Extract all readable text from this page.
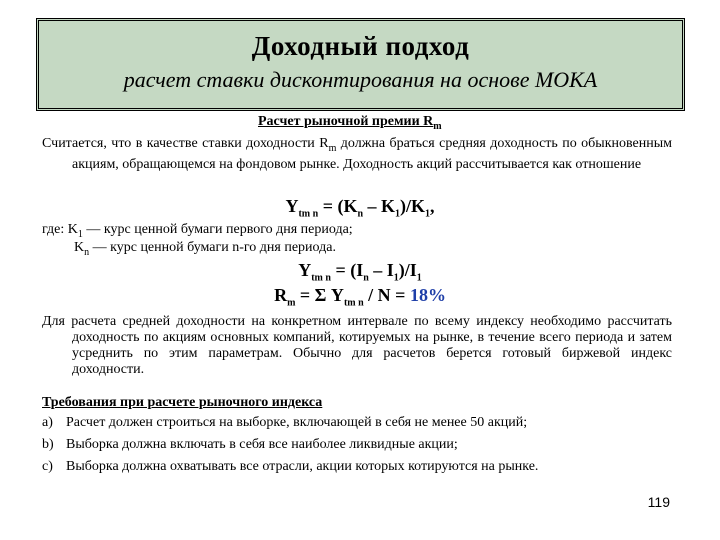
Доходный подход
расчет ставки дисконтирования на основе МОКА
Расчет рыночной премии $R_m$
Считается, что в качестве ставки доходности $R_m$ должна браться средняя доходность по обыкновенным акциям, обращающемся на фондовом рынке. Доходность акций рассчитывается как отношение
$Y_{tm n} = (K_n - K_1)/K_1$,
где: $K_1$ — курс ценной бумаги первого дня периода;
$K_n$ — курс ценной бумаги n-го дня периода.
$Y_{tm n} = (I_n - I_1)/I_1$
$R_m = \Sigma$ $Y_{tm n} / N = 18\%$
Для расчета средней доходности на конкретном интервале по всему индексу необходимо рассчитать доходность по акциям основных компаний, котируемых на рынке, в течение всего периода и затем усреднить по этим параметрам. Обычно для расчетов берется готовый биржевой индекс доходности.
Требования при расчете рыночного индекса
a) Расчет должен строиться на выборке, включающей в себя не менее 50 акций;
b) Выборка должна включать в себя все наиболее ликвидные акции;
c) Выборка должна охватывать все отрасли, акции которых котируются на рынке.
119
